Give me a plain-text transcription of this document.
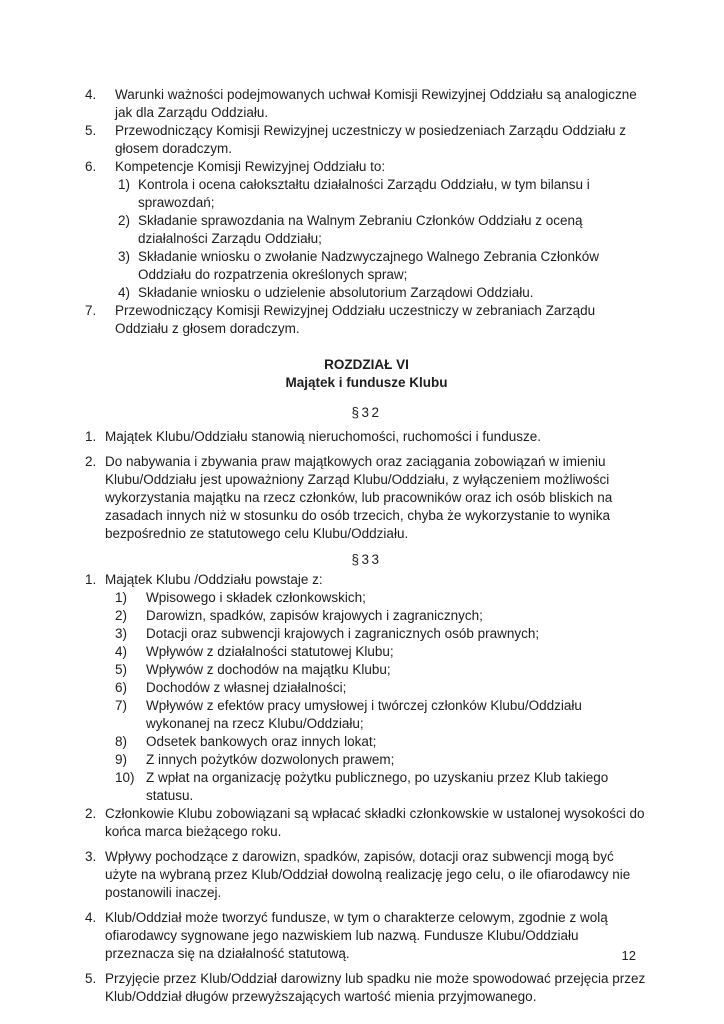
4.	Warunki ważności podejmowanych uchwał Komisji Rewizyjnej Oddziału są analogiczne jak dla Zarządu Oddziału.
5.	Przewodniczący Komisji Rewizyjnej uczestniczy w posiedzeniach Zarządu Oddziału z głosem doradczym.
6.	Kompetencje Komisji Rewizyjnej Oddziału to:
1) Kontrola i ocena całokształtu działalności Zarządu Oddziału, w tym bilansu i sprawozdań;
2) Składanie sprawozdania na Walnym Zebraniu Członków Oddziału z oceną działalności Zarządu Oddziału;
3) Składanie wniosku o zwołanie Nadzwyczajnego Walnego Zebrania Członków Oddziału do rozpatrzenia określonych spraw;
4) Składanie wniosku o udzielenie absolutorium Zarządowi Oddziału.
7.	Przewodniczący Komisji Rewizyjnej Oddziału uczestniczy w zebraniach Zarządu Oddziału z głosem doradczym.
ROZDZIAŁ VI
Majątek i fundusze Klubu
§32
1. Majątek Klubu/Oddziału stanowią nieruchomości, ruchomości i fundusze.
2. Do nabywania i zbywania praw majątkowych oraz zaciągania zobowiązań w imieniu Klubu/Oddziału jest upoważniony Zarząd Klubu/Oddziału, z wyłączeniem możliwości wykorzystania majątku na rzecz członków, lub pracowników oraz ich osób bliskich na zasadach innych niż w stosunku do osób trzecich, chyba że wykorzystanie to wynika bezpośrednio ze statutowego celu Klubu/Oddziału.
§33
1. Majątek Klubu /Oddziału powstaje z:
1)	Wpisowego i składek członkowskich;
2)	Darowizn, spadków, zapisów krajowych i zagranicznych;
3)	Dotacji oraz subwencji krajowych i zagranicznych osób prawnych;
4)	Wpływów z działalności statutowej Klubu;
5)	Wpływów z dochodów na majątku Klubu;
6)	Dochodów z własnej działalności;
7)	Wpływów z efektów pracy umysłowej i twórczej członków Klubu/Oddziału wykonanej na rzecz Klubu/Oddziału;
8)	Odsetek bankowych oraz innych lokat;
9)	Z innych pożytków dozwolonych prawem;
10) Z wpłat na organizację pożytku publicznego, po uzyskaniu przez Klub takiego statusu.
2. Członkowie Klubu zobowiązani są wpłacać składki członkowskie w ustalonej wysokości do końca marca bieżącego roku.
3. Wpływy pochodzące z darowizn, spadków, zapisów, dotacji oraz subwencji mogą być użyte na wybraną przez Klub/Oddział dowolną realizację jego celu, o ile ofiarodawcy nie postanowili inaczej.
4. Klub/Oddział może tworzyć fundusze, w tym o charakterze celowym, zgodnie z wolą ofiarodawcy sygnowane jego nazwiskiem lub nazwą. Fundusze Klubu/Oddziału przeznacza się na działalność statutową.
5. Przyjęcie przez Klub/Oddział darowizny lub spadku nie może spowodować przejęcia przez Klub/Oddział długów przewyższających wartość mienia przyjmowanego.
12
